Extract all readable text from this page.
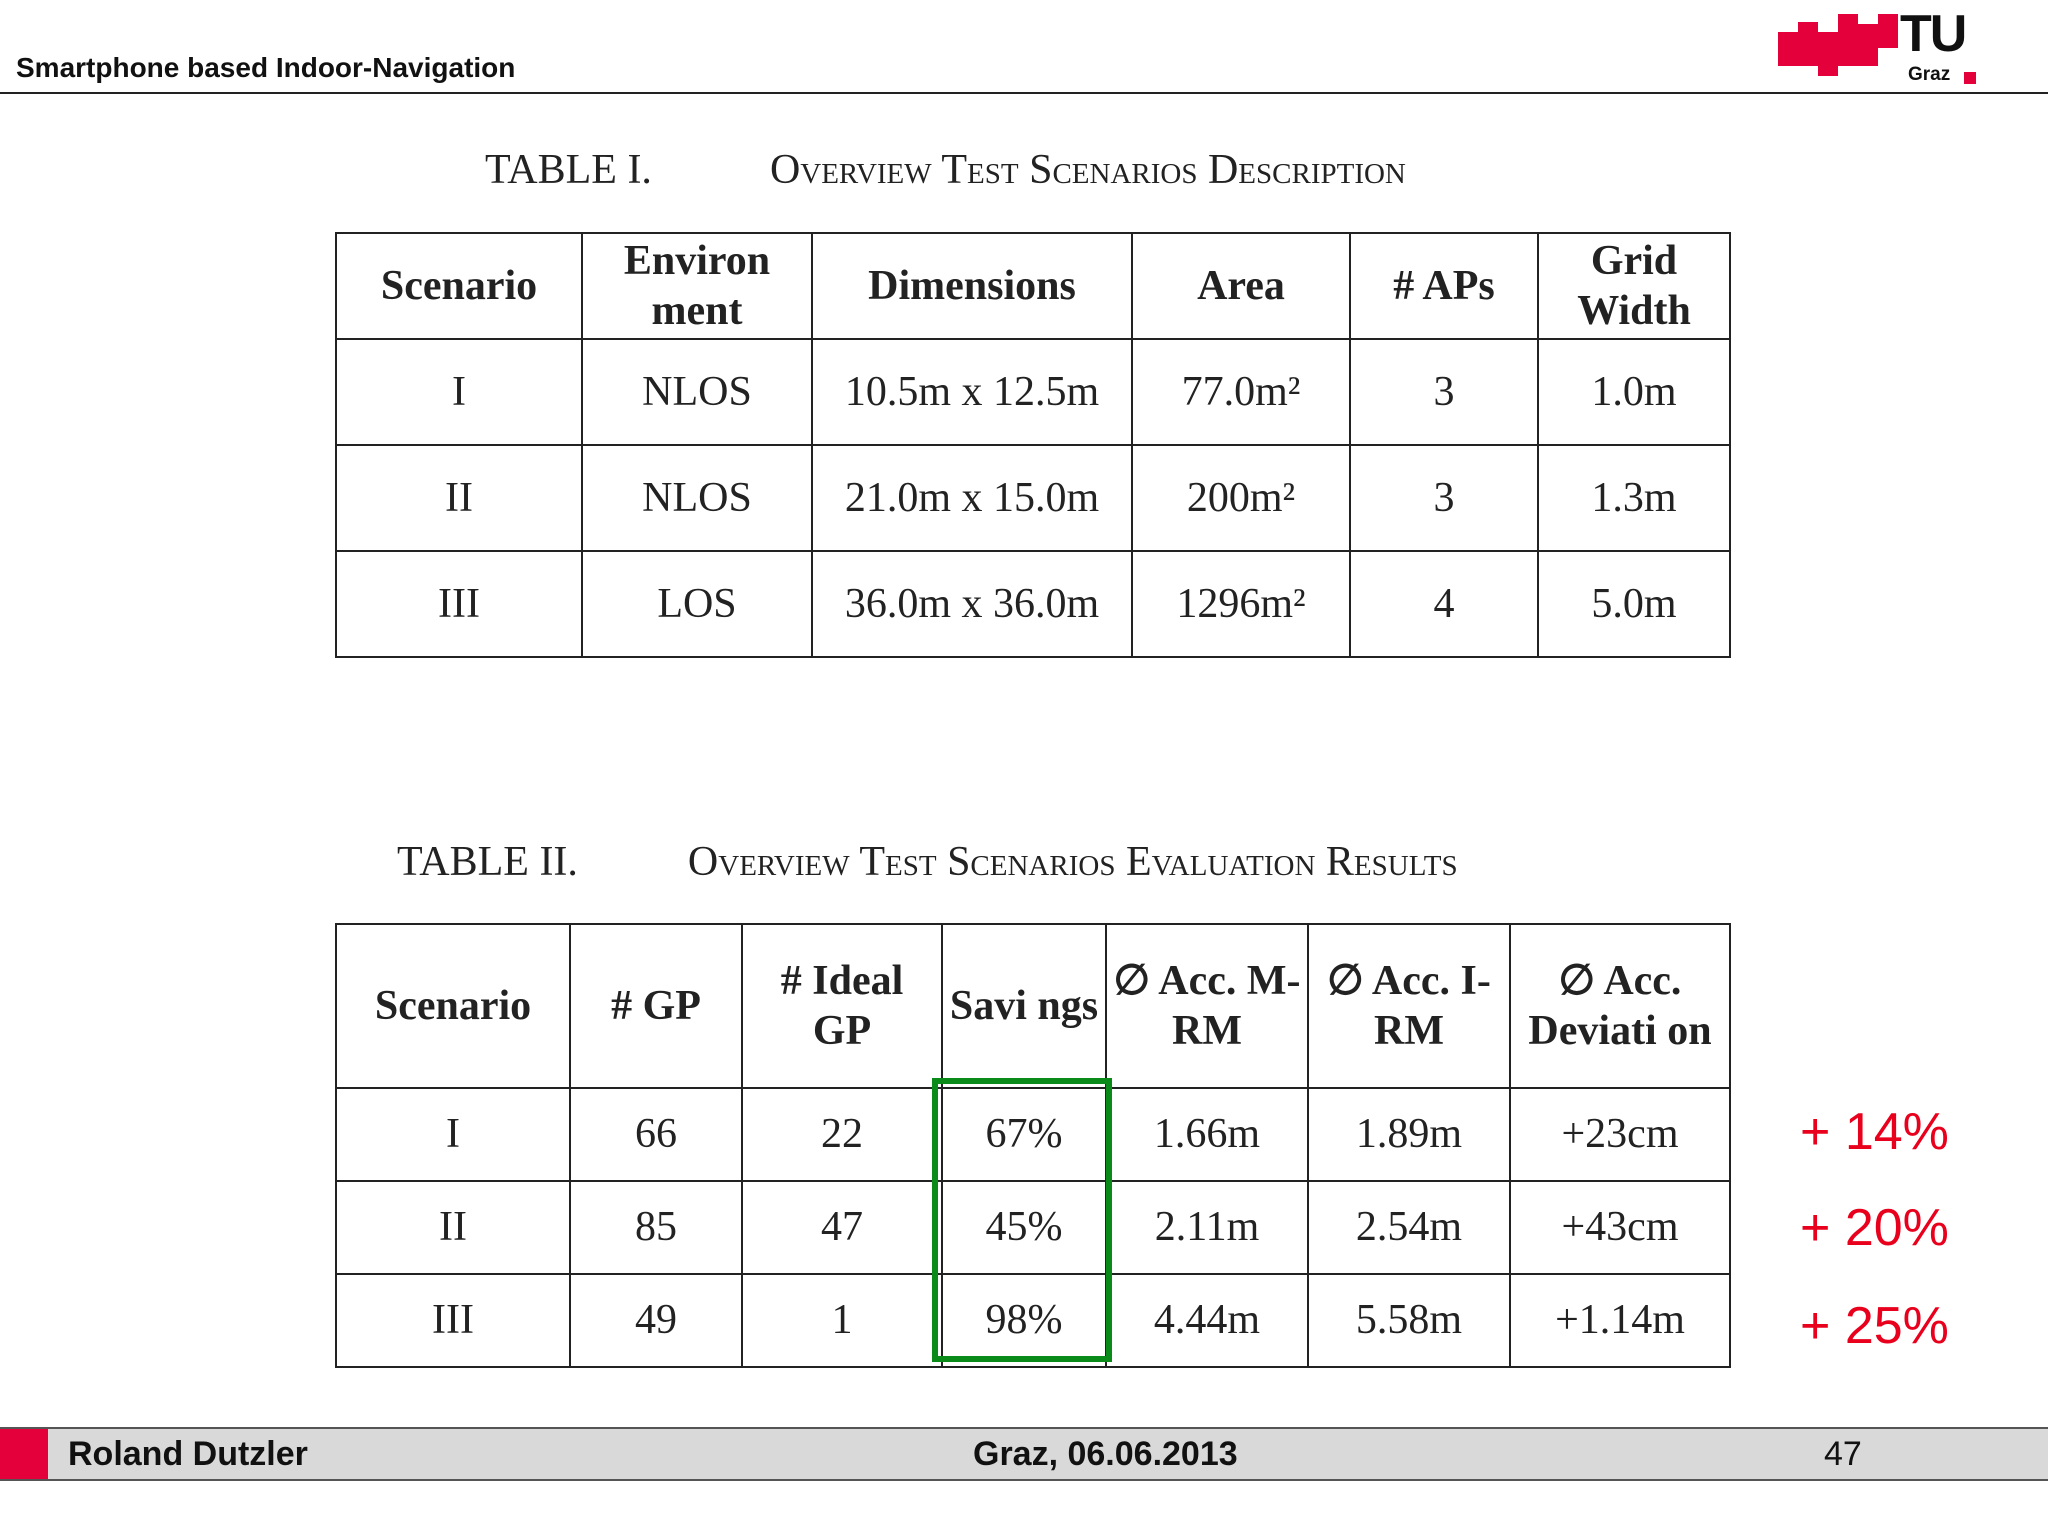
Smartphone based Indoor-Navigation
TU
Graz
TABLE I.	Overview Test Scenarios Description
Scenario	Environ ment	Dimensions	Area	# APs	Grid Width
I	NLOS	10.5m x 12.5m	77.0m²	3	1.0m
II	NLOS	21.0m x 15.0m	200m²	3	1.3m
III	LOS	36.0m x 36.0m	1296m²	4	5.0m
TABLE II.	Overview Test Scenarios Evaluation Results
Scenario	# GP	# Ideal GP	Savi ngs	∅ Acc. M-RM	∅ Acc. I- RM	∅ Acc. Deviati on
I	66	22	67%	1.66m	1.89m	+23cm
II	85	47	45%	2.11m	2.54m	+43cm
III	49	1	98%	4.44m	5.58m	+1.14m
+ 14%
+ 20%
+ 25%
Roland Dutzler	Graz, 06.06.2013	47
